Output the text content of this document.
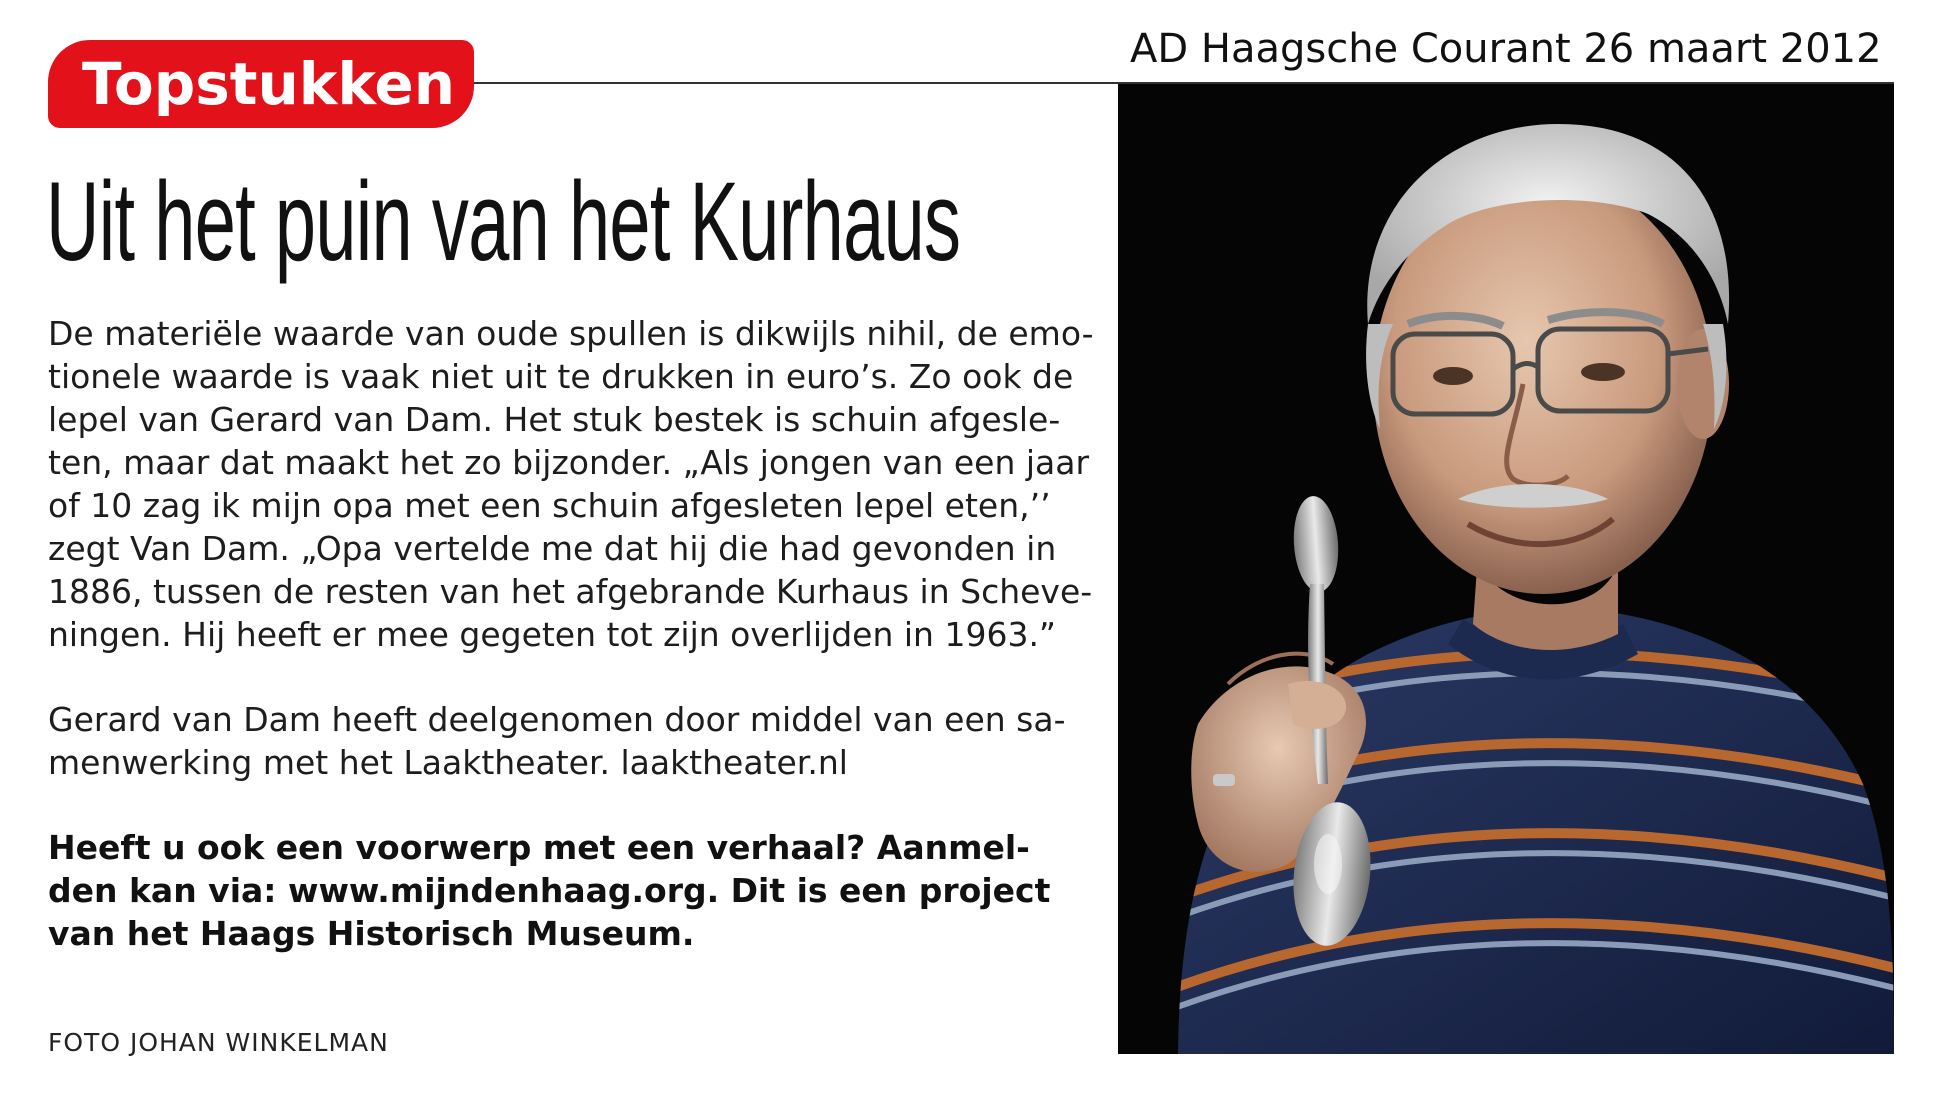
AD Haagsche Courant 26 maart 2012
Topstukken
Uit het puin van het Kurhaus

De materiële waarde van oude spullen is dikwijls nihil, de emo-
tionele waarde is vaak niet uit te drukken in euro’s. Zo ook de
lepel van Gerard van Dam. Het stuk bestek is schuin afgesle-
ten, maar dat maakt het zo bijzonder. „Als jongen van een jaar
of 10 zag ik mijn opa met een schuin afgesleten lepel eten,’’
zegt Van Dam. „Opa vertelde me dat hij die had gevonden in
1886, tussen de resten van het afgebrande Kurhaus in Scheve-
ningen. Hij heeft er mee gegeten tot zijn overlijden in 1963.”

Gerard van Dam heeft deelgenomen door middel van een sa-
menwerking met het Laaktheater. laaktheater.nl

Heeft u ook een voorwerp met een verhaal? Aanmel-
den kan via: www.mijndenhaag.org. Dit is een project
van het Haags Historisch Museum.

FOTO JOHAN WINKELMAN
